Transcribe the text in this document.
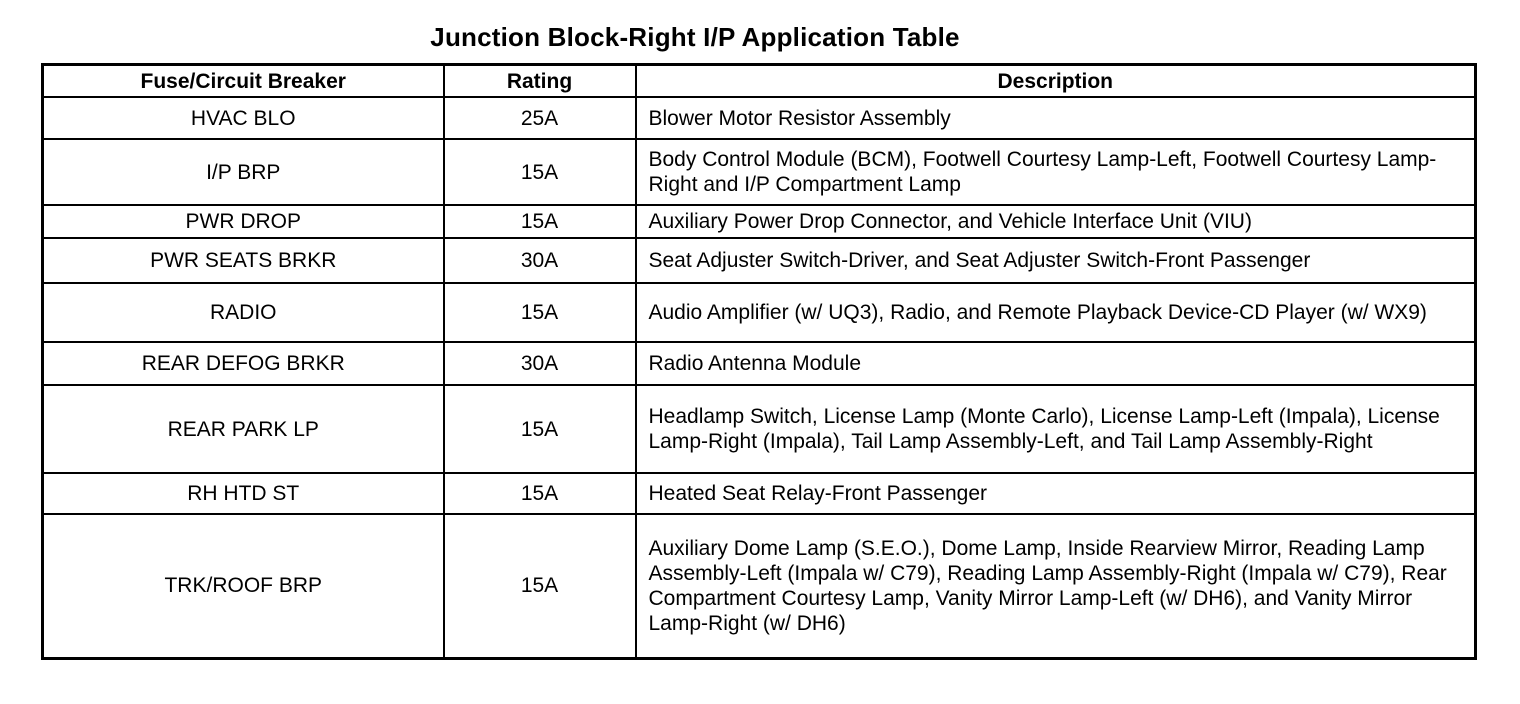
Junction Block-Right I/P Application Table
Fuse/Circuit Breaker	Rating	Description
HVAC BLO	25A	Blower Motor Resistor Assembly
I/P BRP	15A	Body Control Module (BCM), Footwell Courtesy Lamp-Left, Footwell Courtesy Lamp-Right and I/P Compartment Lamp
PWR DROP	15A	Auxiliary Power Drop Connector, and Vehicle Interface Unit (VIU)
PWR SEATS BRKR	30A	Seat Adjuster Switch-Driver, and Seat Adjuster Switch-Front Passenger
RADIO	15A	Audio Amplifier (w/ UQ3), Radio, and Remote Playback Device-CD Player (w/ WX9)
REAR DEFOG BRKR	30A	Radio Antenna Module
REAR PARK LP	15A	Headlamp Switch, License Lamp (Monte Carlo), License Lamp-Left (Impala), License Lamp-Right (Impala), Tail Lamp Assembly-Left, and Tail Lamp Assembly-Right
RH HTD ST	15A	Heated Seat Relay-Front Passenger
TRK/ROOF BRP	15A	Auxiliary Dome Lamp (S.E.O.), Dome Lamp, Inside Rearview Mirror, Reading Lamp Assembly-Left (Impala w/ C79), Reading Lamp Assembly-Right (Impala w/ C79), Rear Compartment Courtesy Lamp, Vanity Mirror Lamp-Left (w/ DH6), and Vanity Mirror Lamp-Right (w/ DH6)
